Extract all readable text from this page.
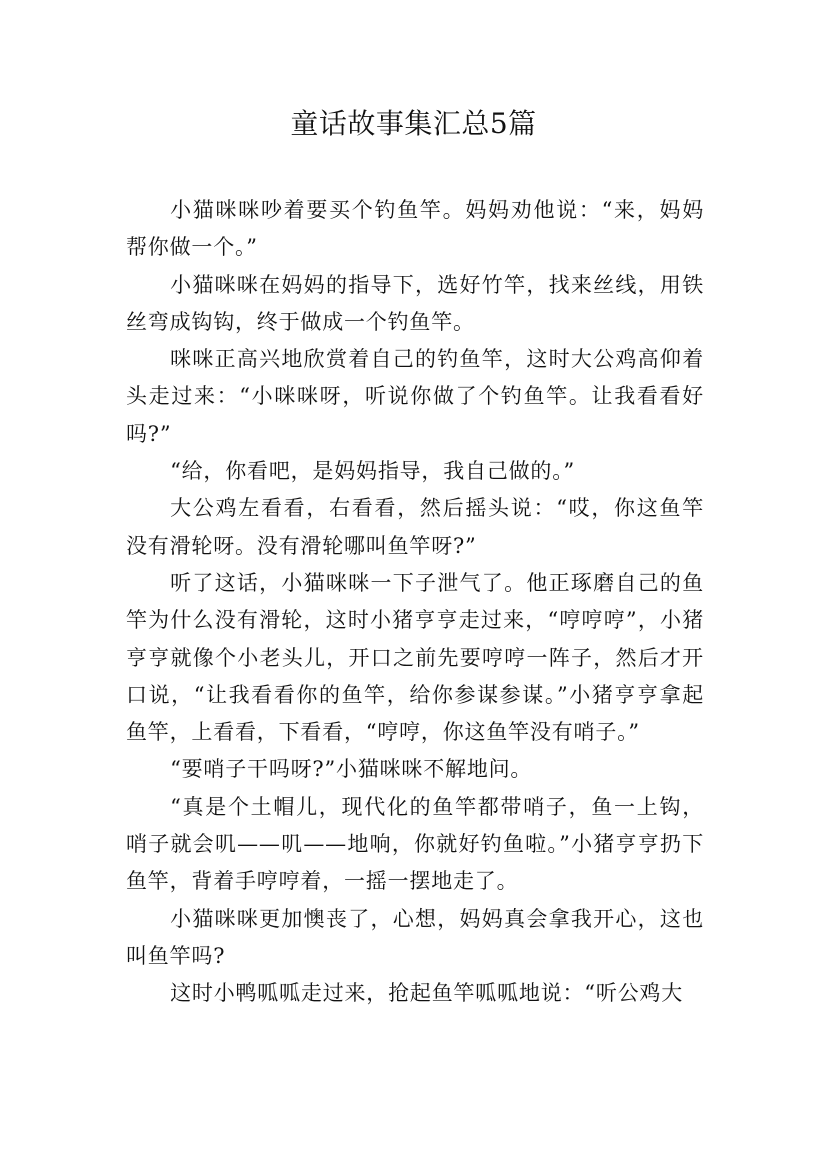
童话故事集汇总5篇

小猫咪咪吵着要买个钓鱼竿。妈妈劝他说：“来，妈妈帮你做一个。”

小猫咪咪在妈妈的指导下，选好竹竿，找来丝线，用铁丝弯成钩钩，终于做成一个钓鱼竿。

咪咪正高兴地欣赏着自己的钓鱼竿，这时大公鸡高仰着头走过来：“小咪咪呀，听说你做了个钓鱼竿。让我看看好吗?”

“给，你看吧，是妈妈指导，我自己做的。”

大公鸡左看看，右看看，然后摇头说：“哎，你这鱼竿没有滑轮呀。没有滑轮哪叫鱼竿呀?”

听了这话，小猫咪咪一下子泄气了。他正琢磨自己的鱼竿为什么没有滑轮，这时小猪亨亨走过来，“哼哼哼”，小猪亨亨就像个小老头儿，开口之前先要哼哼一阵子，然后才开口说，“让我看看你的鱼竿，给你参谋参谋。”小猪亨亨拿起鱼竿，上看看，下看看，“哼哼，你这鱼竿没有哨子。”

“要哨子干吗呀?”小猫咪咪不解地问。

“真是个土帽儿，现代化的鱼竿都带哨子，鱼一上钩，哨子就会叽——叽——地响，你就好钓鱼啦。”小猪亨亨扔下鱼竿，背着手哼哼着，一摇一摆地走了。

小猫咪咪更加懊丧了，心想，妈妈真会拿我开心，这也叫鱼竿吗?

这时小鸭呱呱走过来，抢起鱼竿呱呱地说：“听公鸡大
